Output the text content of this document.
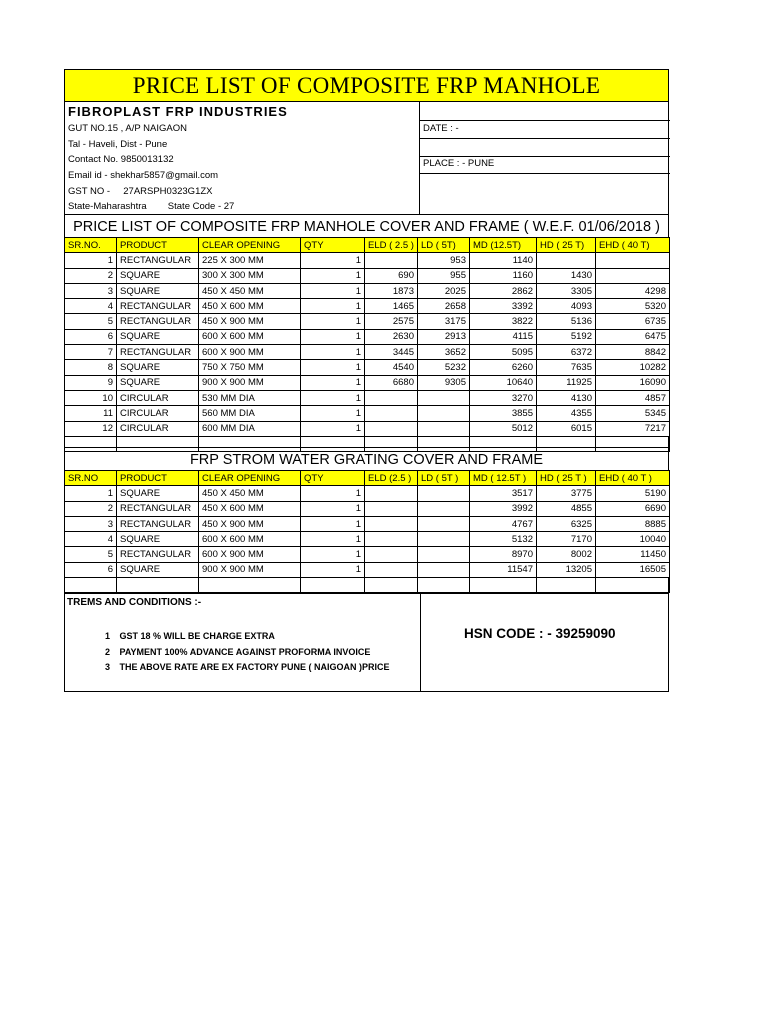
PRICE LIST OF COMPOSITE FRP MANHOLE
FIBROPLAST FRP INDUSTRIES
GUT NO.15 , A/P NAIGAON
Tal - Haveli, Dist - Pune
Contact No. 9850013132
Email id - shekhar5857@gmail.com
GST NO -     27ARSPH0323G1ZX
State-Maharashtra        State Code - 27
DATE : -
PLACE : - PUNE
PRICE LIST OF COMPOSITE FRP MANHOLE COVER AND FRAME ( W.E.F. 01/06/2018 )
SR.NO.	PRODUCT	CLEAR OPENING	QTY	ELD ( 2.5 )	LD ( 5T)	MD (12.5T)	HD ( 25 T)	EHD ( 40 T)
1	RECTANGULAR	225 X 300 MM	1		953	1140		
2	SQUARE	300 X 300 MM	1	690	955	1160	1430	
3	SQUARE	450 X 450 MM	1	1873	2025	2862	3305	4298
4	RECTANGULAR	450 X 600 MM	1	1465	2658	3392	4093	5320
5	RECTANGULAR	450 X 900 MM	1	2575	3175	3822	5136	6735
6	SQUARE	600 X 600 MM	1	2630	2913	4115	5192	6475
7	RECTANGULAR	600 X 900 MM	1	3445	3652	5095	6372	8842
8	SQUARE	750 X 750 MM	1	4540	5232	6260	7635	10282
9	SQUARE	900 X 900 MM	1	6680	9305	10640	11925	16090
10	CIRCULAR	530 MM DIA	1			3270	4130	4857
11	CIRCULAR	560 MM DIA	1			3855	4355	5345
12	CIRCULAR	600 MM DIA	1			5012	6015	7217

FRP STROM WATER GRATING COVER AND FRAME
SR.NO	PRODUCT	CLEAR OPENING	QTY	ELD (2.5 )	LD ( 5T )	MD ( 12.5T )	HD ( 25 T )	EHD ( 40 T )
1	SQUARE	450 X 450 MM	1			3517	3775	5190
2	RECTANGULAR	450 X 600 MM	1			3992	4855	6690
3	RECTANGULAR	450 X 900 MM	1			4767	6325	8885
4	SQUARE	600 X 600 MM	1			5132	7170	10040
5	RECTANGULAR	600 X 900 MM	1			8970	8002	11450
6	SQUARE	900 X 900 MM	1			11547	13205	16505

TREMS AND CONDITIONS :-
1 GST 18 % WILL BE CHARGE EXTRA
2 PAYMENT 100% ADVANCE AGAINST PROFORMA INVOICE
3 THE ABOVE RATE ARE EX FACTORY PUNE ( NAIGOAN )PRICE
HSN CODE : - 39259090
